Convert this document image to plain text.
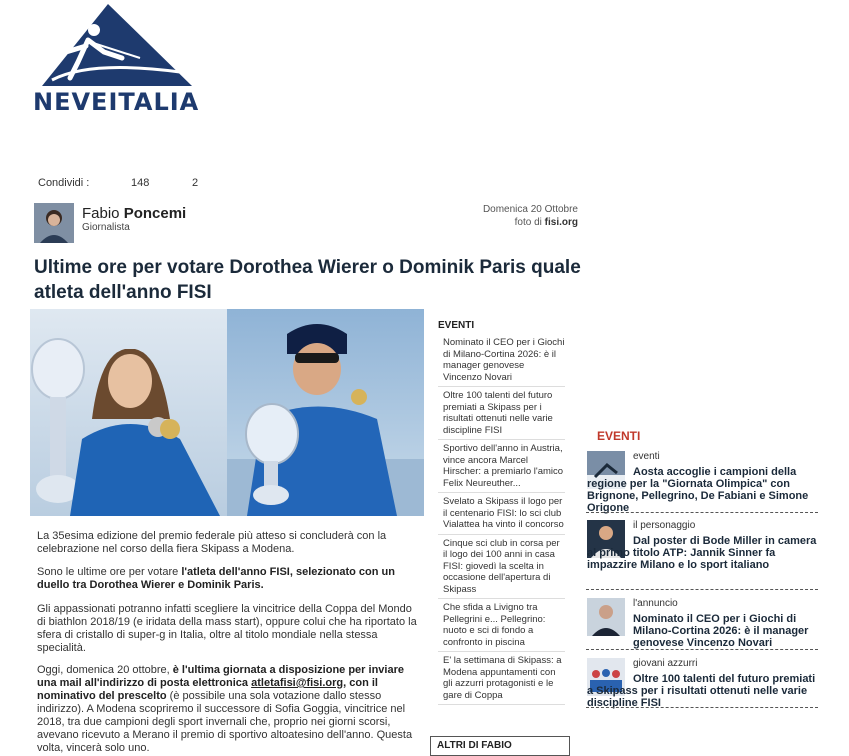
NEVEITALIA
Condividi :	148	2
Fabio Poncemi
Giornalista
Domenica 20 Ottobre
foto di fisi.org
Ultime ore per votare Dorothea Wierer o Dominik Paris quale atleta dell'anno FISI
La 35esima edizione del premio federale più atteso si concluderà con la celebrazione nel corso della fiera Skipass a Modena.
Sono le ultime ore per votare l'atleta dell'anno FISI, selezionato con un duello tra Dorothea Wierer e Dominik Paris.
Gli appassionati potranno infatti scegliere la vincitrice della Coppa del Mondo di biathlon 2018/19 (e iridata della mass start), oppure colui che ha riportato la sfera di cristallo di super-g in Italia, oltre al titolo mondiale nella stessa specialità.
Oggi, domenica 20 ottobre, è l'ultima giornata a disposizione per inviare una mail all'indirizzo di posta elettronica atletafisi@fisi.org, con il nominativo del prescelto (è possibile una sola votazione dallo stesso indirizzo). A Modena scopriremo il successore di Sofia Goggia, vincitrice nel 2018, tra due campioni degli sport invernali che, proprio nei giorni scorsi, avevano ricevuto a Merano il premio di sportivo altoatesino dell'anno. Questa volta, vincerà solo uno.
EVENTI
Nominato il CEO per i Giochi di Milano-Cortina 2026: è il manager genovese Vincenzo Novari
Oltre 100 talenti del futuro premiati a Skipass per i risultati ottenuti nelle varie discipline FISI
Sportivo dell'anno in Austria, vince ancora Marcel Hirscher: a premiarlo l'amico Felix Neureuther...
Svelato a Skipass il logo per il centenario FISI: lo sci club Vialattea ha vinto il concorso
Cinque sci club in corsa per il logo dei 100 anni in casa FISI: giovedì la scelta in occasione dell'apertura di Skipass
Che sfida a Livigno tra Pellegrini e... Pellegrino: nuoto e sci di fondo a confronto in piscina
E' la settimana di Skipass: a Modena appuntamenti con gli azzurri protagonisti e le gare di Coppa
ALTRI DI FABIO
EVENTI
eventi
Aosta accoglie i campioni della regione per la "Giornata Olimpica" con Brignone, Pellegrino, De Fabiani e Simone Origone
il personaggio
Dal poster di Bode Miller in camera al primo titolo ATP: Jannik Sinner fa impazzire Milano e lo sport italiano
l'annuncio
Nominato il CEO per i Giochi di Milano-Cortina 2026: è il manager genovese Vincenzo Novari
giovani azzurri
Oltre 100 talenti del futuro premiati a Skipass per i risultati ottenuti nelle varie discipline FISI
